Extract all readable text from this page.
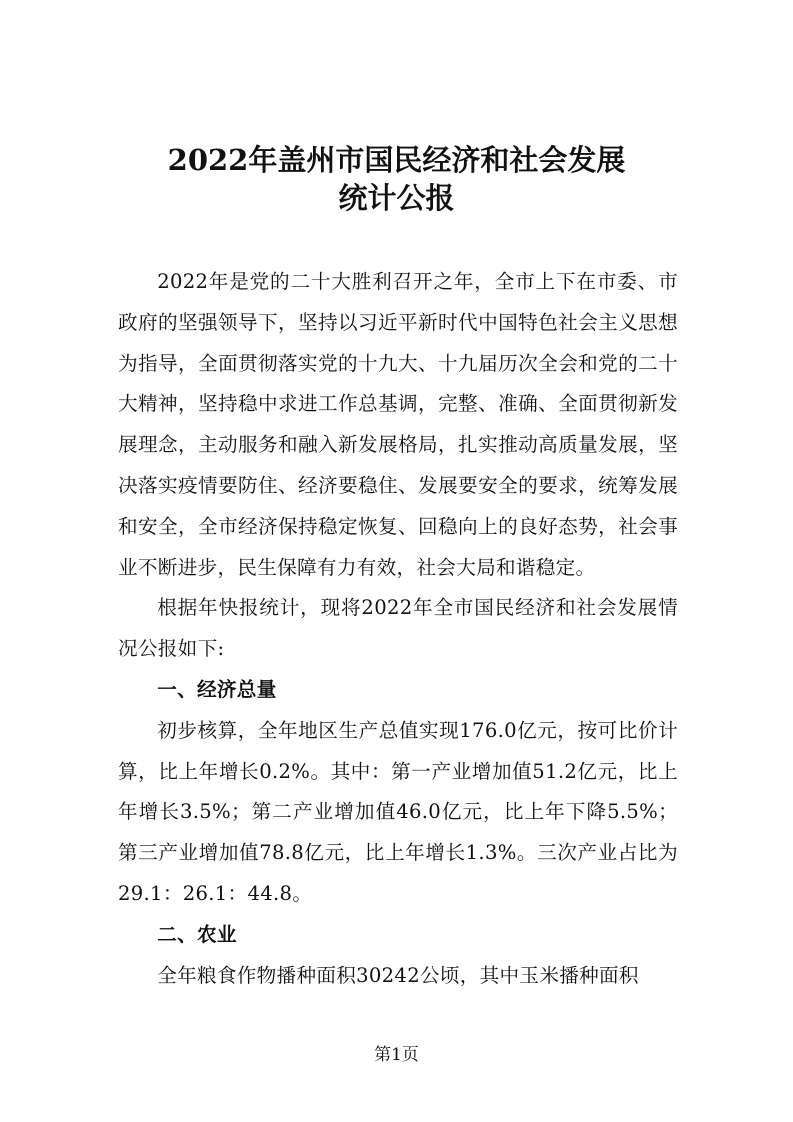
2022年盖州市国民经济和社会发展
统计公报

2022年是党的二十大胜利召开之年，全市上下在市委、市政府的坚强领导下，坚持以习近平新时代中国特色社会主义思想为指导，全面贯彻落实党的十九大、十九届历次全会和党的二十大精神，坚持稳中求进工作总基调，完整、准确、全面贯彻新发展理念，主动服务和融入新发展格局，扎实推动高质量发展，坚决落实疫情要防住、经济要稳住、发展要安全的要求，统筹发展和安全，全市经济保持稳定恢复、回稳向上的良好态势，社会事业不断进步，民生保障有力有效，社会大局和谐稳定。

根据年快报统计，现将2022年全市国民经济和社会发展情况公报如下:

一、经济总量

初步核算，全年地区生产总值实现176.0亿元，按可比价计算，比上年增长0.2%。其中：第一产业增加值51.2亿元，比上年增长3.5%；第二产业增加值46.0亿元，比上年下降5.5%；第三产业增加值78.8亿元，比上年增长1.3%。三次产业占比为29.1：26.1：44.8。

二、农业

全年粮食作物播种面积30242公顷，其中玉米播种面积

第1页
